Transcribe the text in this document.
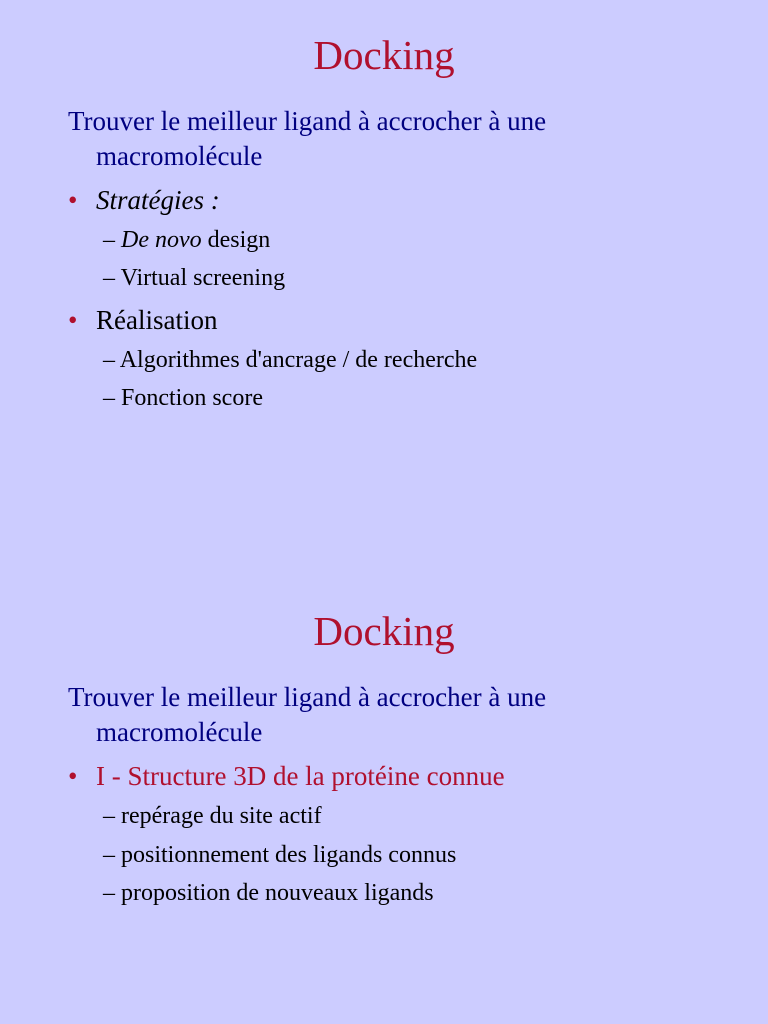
Docking
Trouver le meilleur ligand à accrocher à une
macromolécule
• Stratégies :
– De novo design
– Virtual screening
• Réalisation
– Algorithmes d'ancrage / de recherche
– Fonction score
Docking
Trouver le meilleur ligand à accrocher à une
macromolécule
• I - Structure 3D de la protéine connue
– repérage du site actif
– positionnement des ligands connus
– proposition de nouveaux ligands
